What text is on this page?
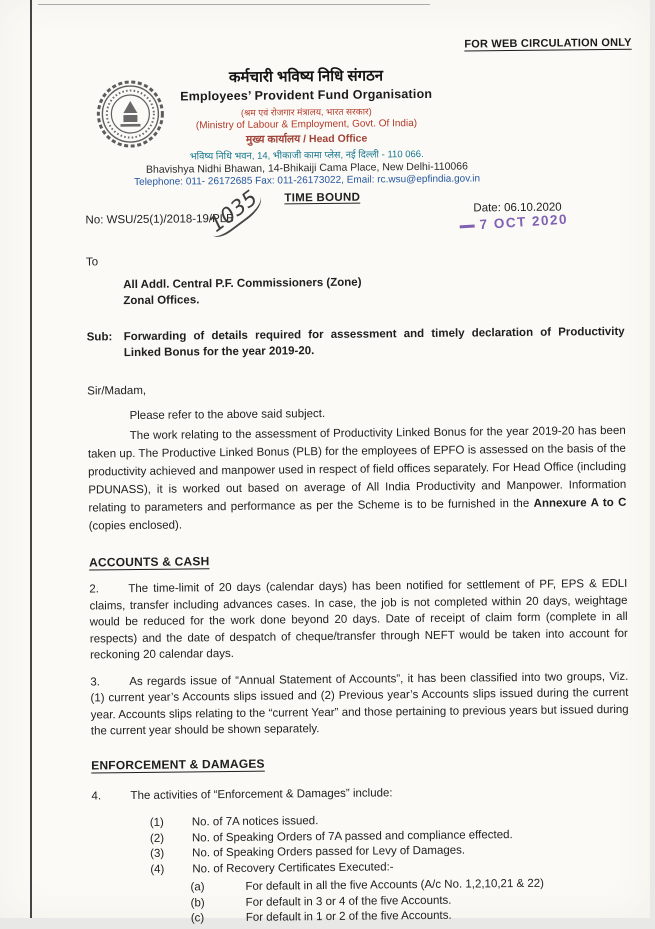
FOR WEB CIRCULATION ONLY
कर्मचारी भविष्य निधि संगठन
Employees’ Provident Fund Organisation
(श्रम एवं रोजगार मंत्रालय, भारत सरकार)
(Ministry of Labour & Employment, Govt. Of India)
मुख्य कार्यालय / Head Office
भविष्य निधि भवन, 14, भीकाजी कामा प्लेस, नई दिल्ली - 110 066.
Bhavishya Nidhi Bhawan, 14-Bhikaiji Cama Place, New Delhi-110066
Telephone: 011- 26172685 Fax: 011-26173022, Email: rc.wsu@epfindia.gov.in
TIME BOUND
No: WSU/25(1)/2018-19/PLB
1035	Date: 06.10.2020
7 OCT 2020
To
All Addl. Central P.F. Commissioners (Zone)
Zonal Offices.
Sub: Forwarding of details required for assessment and timely declaration of Productivity Linked Bonus for the year 2019-20.
Sir/Madam,
Please refer to the above said subject.
The work relating to the assessment of Productivity Linked Bonus for the year 2019-20 has been taken up. The Productive Linked Bonus (PLB) for the employees of EPFO is assessed on the basis of the productivity achieved and manpower used in respect of field offices separately. For Head Office (including PDUNASS), it is worked out based on average of All India Productivity and Manpower. Information relating to parameters and performance as per the Scheme is to be furnished in the Annexure A to C (copies enclosed).
ACCOUNTS & CASH
2.	The time-limit of 20 days (calendar days) has been notified for settlement of PF, EPS & EDLI claims, transfer including advances cases. In case, the job is not completed within 20 days, weightage would be reduced for the work done beyond 20 days. Date of receipt of claim form (complete in all respects) and the date of despatch of cheque/transfer through NEFT would be taken into account for reckoning 20 calendar days.
3.	As regards issue of “Annual Statement of Accounts”, it has been classified into two groups, Viz. (1) current year’s Accounts slips issued and (2) Previous year’s Accounts slips issued during the current year. Accounts slips relating to the “current Year” and those pertaining to previous years but issued during the current year should be shown separately.
ENFORCEMENT & DAMAGES
4.	The activities of “Enforcement & Damages” include:
(1)	No. of 7A notices issued.
(2)	No. of Speaking Orders of 7A passed and compliance effected.
(3)	No. of Speaking Orders passed for Levy of Damages.
(4)	No. of Recovery Certificates Executed:-
(a)	For default in all the five Accounts (A/c No. 1,2,10,21 & 22)
(b)	For default in 3 or 4 of the five Accounts.
(c)	For default in 1 or 2 of the five Accounts.
